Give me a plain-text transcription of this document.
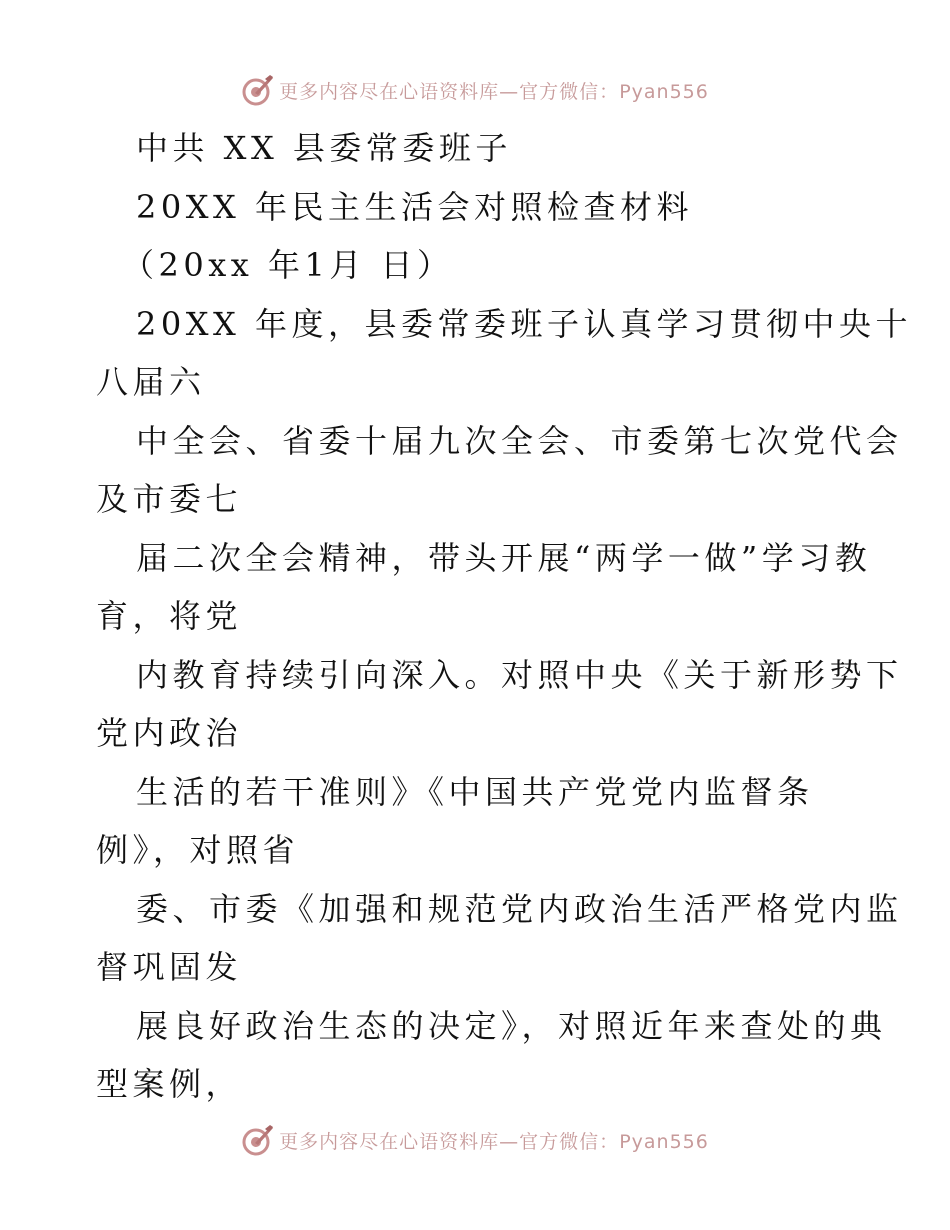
更多内容尽在心语资料库—官方微信：Pyan556
中共 XX 县委常委班子
20XX 年民主生活会对照检查材料
（20xx 年1月 日）
20XX 年度，县委常委班子认真学习贯彻中央十
八届六
中全会、省委十届九次全会、市委第七次党代会
及市委七
届二次全会精神，带头开展“两学一做”学习教
育，将党
内教育持续引向深入。对照中央《关于新形势下
党内政治
生活的若干准则》《中国共产党党内监督条
例》，对照省
委、市委《加强和规范党内政治生活严格党内监
督巩固发
展良好政治生态的决定》，对照近年来查处的典
型案例，
更多内容尽在心语资料库—官方微信：Pyan556
